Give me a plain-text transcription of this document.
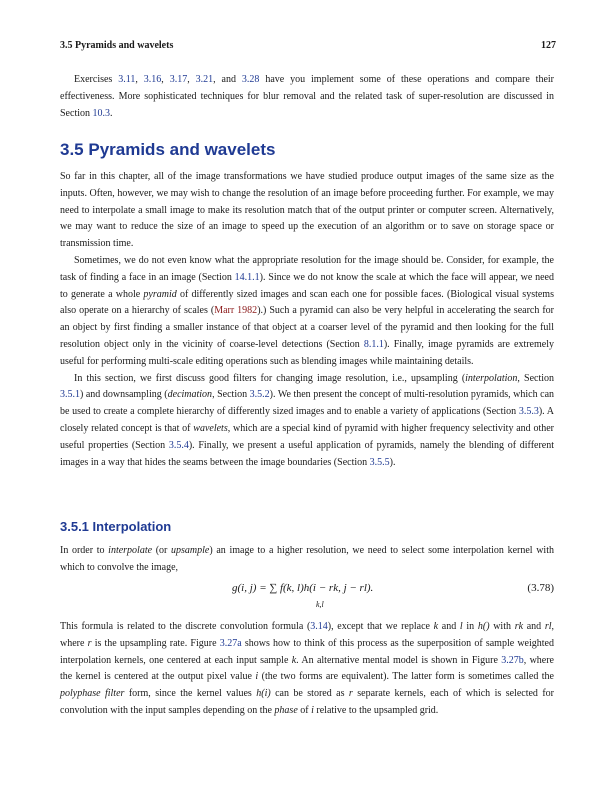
3.5 Pyramids and wavelets	127

Exercises 3.11, 3.16, 3.17, 3.21, and 3.28 have you implement some of these operations and compare their effectiveness. More sophisticated techniques for blur removal and the related task of super-resolution are discussed in Section 10.3.

3.5 Pyramids and wavelets

So far in this chapter, all of the image transformations we have studied produce output images of the same size as the inputs. Often, however, we may wish to change the resolution of an image before proceeding further. For example, we may need to interpolate a small image to make its resolution match that of the output printer or computer screen. Alternatively, we may want to reduce the size of an image to speed up the execution of an algorithm or to save on storage space or transmission time.

Sometimes, we do not even know what the appropriate resolution for the image should be. Consider, for example, the task of finding a face in an image (Section 14.1.1). Since we do not know the scale at which the face will appear, we need to generate a whole pyramid of differently sized images and scan each one for possible faces. (Biological visual systems also operate on a hierarchy of scales (Marr 1982).) Such a pyramid can also be very helpful in accelerating the search for an object by first finding a smaller instance of that object at a coarser level of the pyramid and then looking for the full resolution object only in the vicinity of coarse-level detections (Section 8.1.1). Finally, image pyramids are extremely useful for performing multi-scale editing operations such as blending images while maintaining details.

In this section, we first discuss good filters for changing image resolution, i.e., upsampling (interpolation, Section 3.5.1) and downsampling (decimation, Section 3.5.2). We then present the concept of multi-resolution pyramids, which can be used to create a complete hierarchy of differently sized images and to enable a variety of applications (Section 3.5.3). A closely related concept is that of wavelets, which are a special kind of pyramid with higher frequency selectivity and other useful properties (Section 3.5.4). Finally, we present a useful application of pyramids, namely the blending of different images in a way that hides the seams between the image boundaries (Section 3.5.5).

3.5.1 Interpolation

In order to interpolate (or upsample) an image to a higher resolution, we need to select some interpolation kernel with which to convolve the image,

g(i, j) = ∑ f(k, l)h(i − rk, j − rl).
k,l
(3.78)

This formula is related to the discrete convolution formula (3.14), except that we replace k and l in h() with rk and rl, where r is the upsampling rate. Figure 3.27a shows how to think of this process as the superposition of sample weighted interpolation kernels, one centered at each input sample k. An alternative mental model is shown in Figure 3.27b, where the kernel is centered at the output pixel value i (the two forms are equivalent). The latter form is sometimes called the polyphase filter form, since the kernel values h(i) can be stored as r separate kernels, each of which is selected for convolution with the input samples depending on the phase of i relative to the upsampled grid.
